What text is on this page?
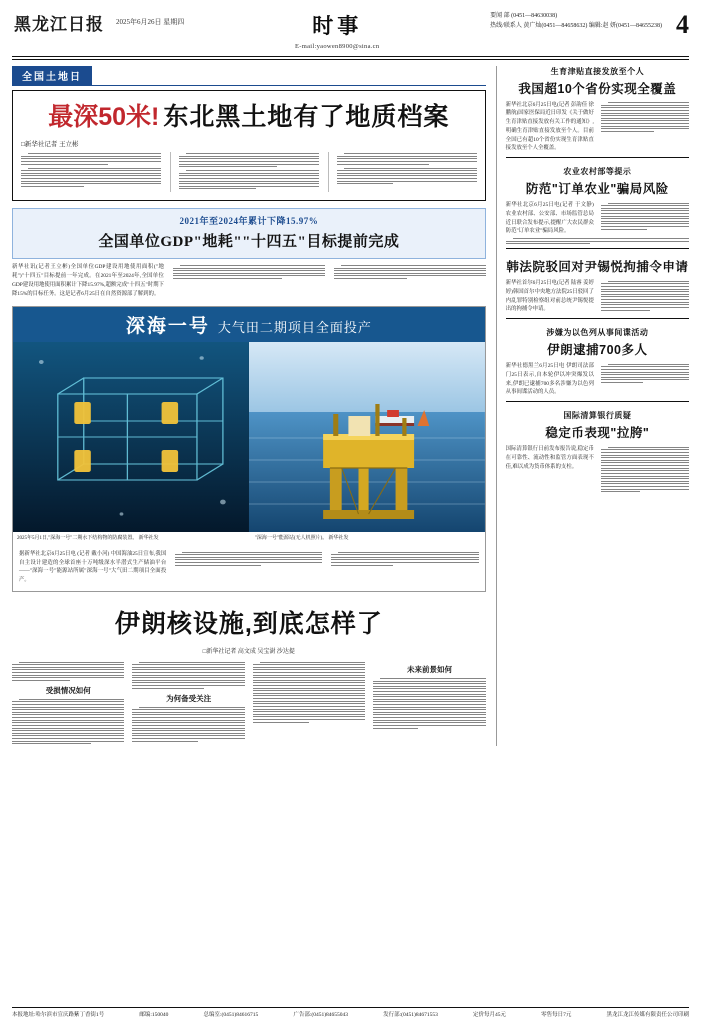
黑龙江日报 2025年6月26日 星期四	时事
E-mail:yaowen8900@sina.cn
要闻 部 (0451—84630038)
热线/联系人 黄广灿(0451—84658632) 编辑:赵 妍(0451—84655238) 4
全国土地日
最深50米! 东北黑土地有了地质档案
□新华社记者 王立彬
2021年至2024年累计下降15.97%
全国单位GDP"地耗""十四五"目标提前完成
新华社讯(记者王立彬)全国单位GDP建设用地使用面积("地耗")"十四五"目标提前一年完成。在2021年至2024年,全国单位GDP建设用地使用面积累计下降15.97%,超额完成"十四五"时期下降15%的目标任务。这是记者6月25日在自然资源部了解到的。
深海一号 大气田二期项目全面投产
2025年5月1日,"深海一号"二期水下结构物的防腐装置。 新华社发	"深海一号"能源站(无人机照片)。 新华社发
据新华社北京6月25日电 (记者 戴小河) 中国海油25日宣布,我国自主设计建造的全球首座十万吨级深水半潜式生产储油平台——"深海一号"能源站所属"深海一号"大气田二期项目全面投产。
伊朗核设施,到底怎样了
□新华社记者 高文成 吴宝澍 沙达提
受损情况如何
为何备受关注
未来前景如何
生育津贴直接发放至个人
我国超10个省份实现全覆盖
新华社北京6月25日电(记者 彭韵佳 徐鹏航)国家医保局近日印发《关于做好生育津贴直接发放有关工作的通知》,明确生育津贴直接发放至个人。目前全国已有超10个省份实现生育津贴直接发放至个人全覆盖。
农业农村部等提示
防范"订单农业"骗局风险
新华社北京6月25日电(记者 于文静)农业农村部、公安部、市场监管总局近日联合发布提示,提醒广大农民群众防范"订单农业"骗局风险。
韩法院驳回对尹锡悦拘捕令申请
新华社首尔6月25日电(记者 陆睿 姜婷婷)韩国首尔中央地方法院25日驳回了内乱罪特别检察组对前总统尹锡悦提出的拘捕令申请。
涉嫌为以色列从事间谍活动
伊朗逮捕700多人
新华社德黑兰6月25日电 伊朗司法部门25日表示,自本轮伊以冲突爆发以来,伊朗已逮捕700多名涉嫌为以色列从事间谍活动的人员。
国际清算银行质疑
稳定币表现"拉胯"
国际清算银行日前发布报告说,稳定币在可靠性、流动性和监管方面表现不佳,难以成为货币体系的支柱。
本报地址:哈尔滨市宣庆路紫丁香街1号	邮编:150040	总编室:(0451)84616715	广告部:(0451)84655043	发行部:(0451)84671553	定价每月45元	零售每日7元	黑龙江龙江传媒有限责任公司印刷
